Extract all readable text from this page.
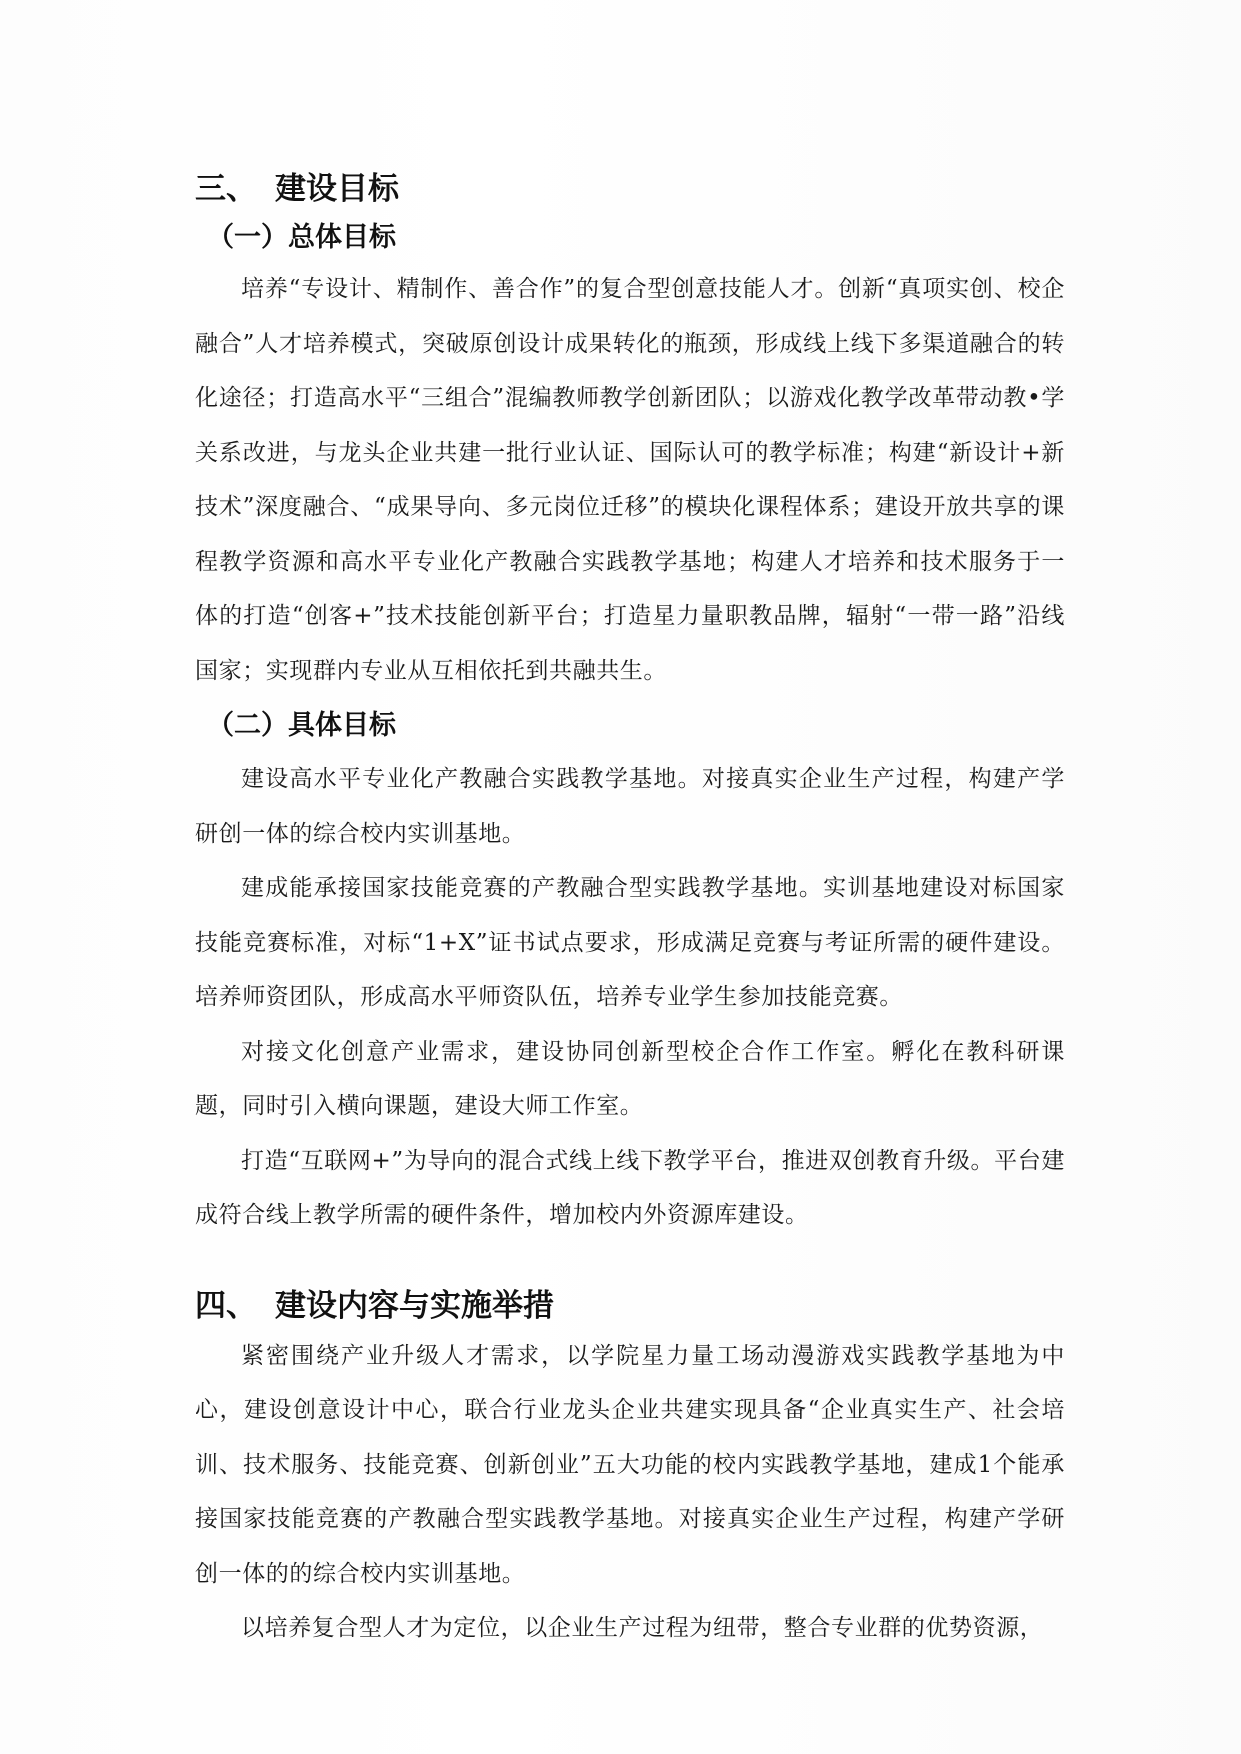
三、 建设目标
（一）总体目标

培养“专设计、精制作、善合作”的复合型创意技能人才。创新“真项实创、校企融合”人才培养模式，突破原创设计成果转化的瓶颈，形成线上线下多渠道融合的转化途径；打造高水平“三组合”混编教师教学创新团队；以游戏化教学改革带动教•学关系改进，与龙头企业共建一批行业认证、国际认可的教学标准；构建“新设计+新技术”深度融合、“成果导向、多元岗位迁移”的模块化课程体系；建设开放共享的课程教学资源和高水平专业化产教融合实践教学基地；构建人才培养和技术服务于一体的打造“创客+”技术技能创新平台；打造星力量职教品牌，辐射“一带一路”沿线国家；实现群内专业从互相依托到共融共生。

（二）具体目标

建设高水平专业化产教融合实践教学基地。对接真实企业生产过程，构建产学研创一体的综合校内实训基地。

建成能承接国家技能竞赛的产教融合型实践教学基地。实训基地建设对标国家技能竞赛标准，对标“1+X”证书试点要求，形成满足竞赛与考证所需的硬件建设。培养师资团队，形成高水平师资队伍，培养专业学生参加技能竞赛。

对接文化创意产业需求，建设协同创新型校企合作工作室。孵化在教科研课题，同时引入横向课题，建设大师工作室。

打造“互联网+”为导向的混合式线上线下教学平台，推进双创教育升级。平台建成符合线上教学所需的硬件条件，增加校内外资源库建设。

四、 建设内容与实施举措

紧密围绕产业升级人才需求，以学院星力量工场动漫游戏实践教学基地为中心，建设创意设计中心，联合行业龙头企业共建实现具备“企业真实生产、社会培训、技术服务、技能竞赛、创新创业”五大功能的校内实践教学基地，建成1个能承接国家技能竞赛的产教融合型实践教学基地。对接真实企业生产过程，构建产学研创一体的的综合校内实训基地。

以培养复合型人才为定位，以企业生产过程为纽带，整合专业群的优势资源，
